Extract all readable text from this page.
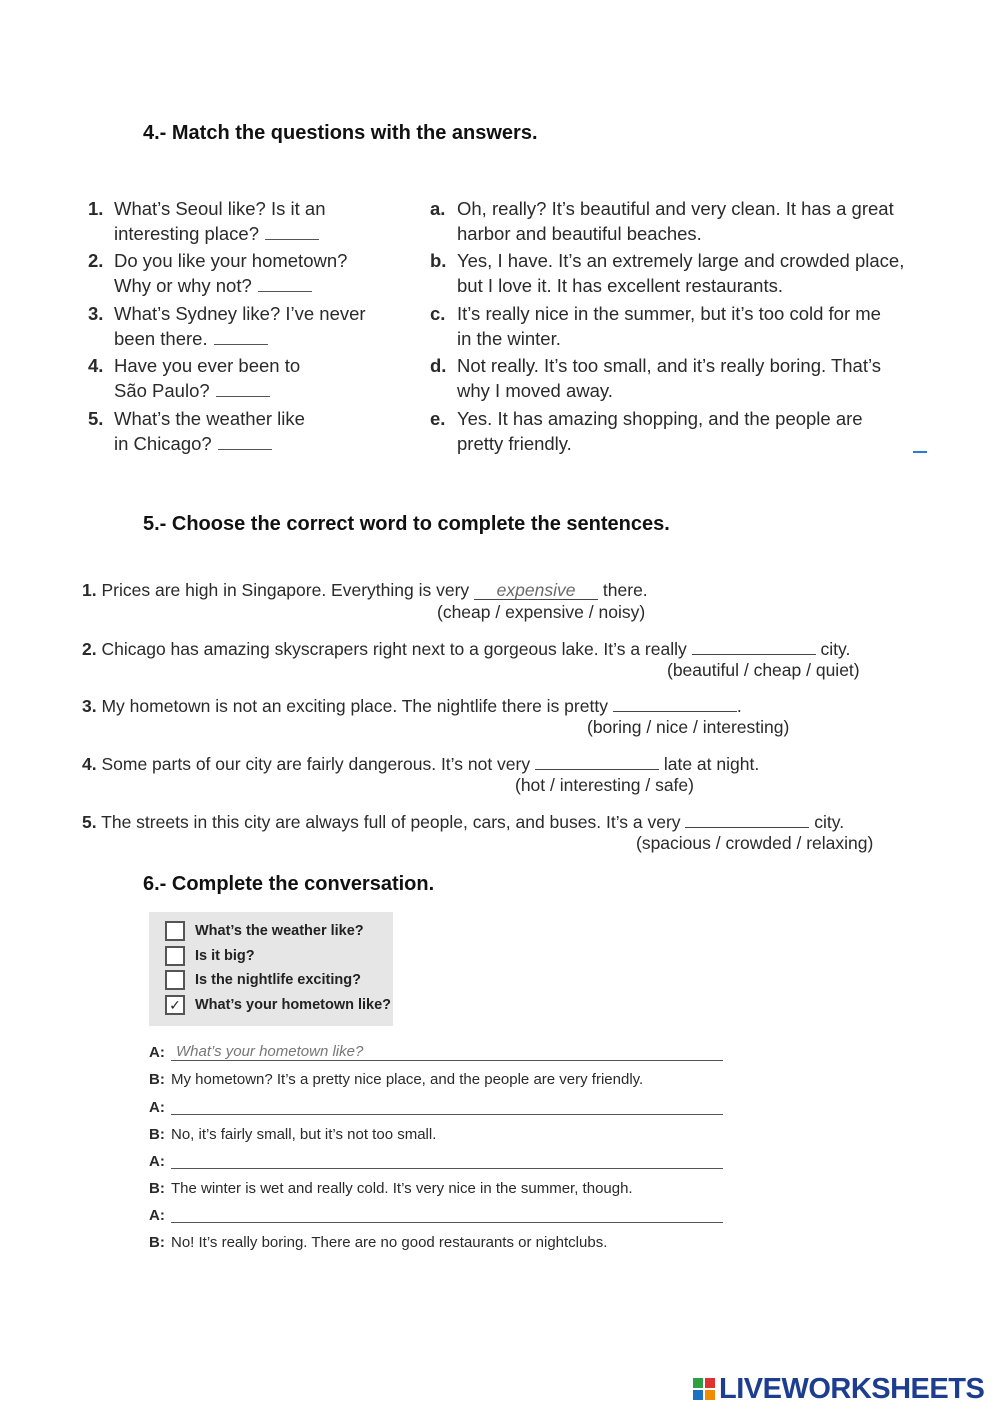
4.- Match the questions with the answers.
1. What’s Seoul like? Is it an
interesting place?
2. Do you like your hometown?
Why or why not?
3. What’s Sydney like? I’ve never
been there.
4. Have you ever been to
São Paulo?
5. What’s the weather like
in Chicago?
a. Oh, really? It’s beautiful and very clean. It has a great
harbor and beautiful beaches.
b. Yes, I have. It’s an extremely large and crowded place,
but I love it. It has excellent restaurants.
c. It’s really nice in the summer, but it’s too cold for me
in the winter.
d. Not really. It’s too small, and it’s really boring. That’s
why I moved away.
e. Yes. It has amazing shopping, and the people are
pretty friendly.
5.- Choose the correct word to complete the sentences.
1. Prices are high in Singapore. Everything is very expensive there.
(cheap / expensive / noisy)
2. Chicago has amazing skyscrapers right next to a gorgeous lake. It’s a really	city.
(beautiful / cheap / quiet)
3. My hometown is not an exciting place. The nightlife there is pretty	.
(boring / nice / interesting)
4. Some parts of our city are fairly dangerous. It’s not very	late at night.
(hot / interesting / safe)
5. The streets in this city are always full of people, cars, and buses. It’s a very	city.
(spacious / crowded / relaxing)
6.- Complete the conversation.
What’s the weather like?
Is it big?
Is the nightlife exciting?
✓ What’s your hometown like?
A: What’s your hometown like?
B: My hometown? It’s a pretty nice place, and the people are very friendly.
A:
B: No, it’s fairly small, but it’s not too small.
A:
B: The winter is wet and really cold. It’s very nice in the summer, though.
A:
B: No! It’s really boring. There are no good restaurants or nightclubs.
LIVEWORKSHEETS
